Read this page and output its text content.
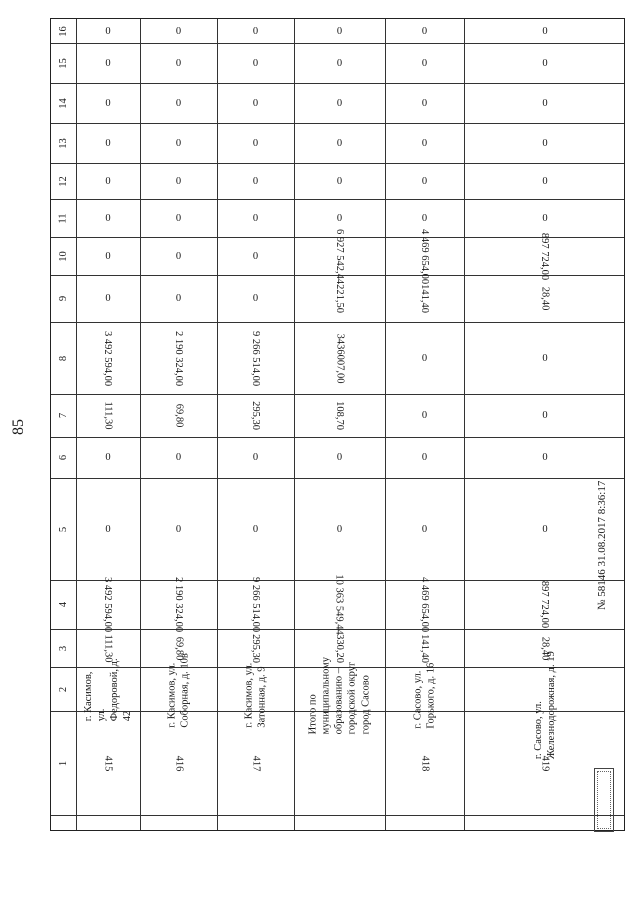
85
16
15
14
13
12
11
10
9
8
7
6
5
4
3
2
1
0
0
0
0
0
0
0
0
3 492 594,00
111,30
0
0
3 492 594,00
111,30
г. Касимов, ул. Федоровой, д. 42
415
0
0
0
0
0
0
0
0
2 190 324,00
69,80
0
0
2 190 324,00
69,80
г. Касимов, ул. Соборная, д. 10в
416
0
0
0
0
0
0
0
0
9 266 514,00
295,30
0
0
9 266 514,00
295,30
г. Касимов, ул. Затонная, д. 9
417
0
0
0
0
0
0
6 927 542,44
221,50
3436007,00
108,70
0
0
10 363 549,44
330,20
Итого по муниципальному образованию – городской округ город Сасово
0
0
0
0
0
0
4 469 654,00
141,40
0
0
0
0
4 469 654,00
141,40
г. Сасово, ул. Горького, д. 16
418
0
0
0
0
0
0
897 724,00
28,40
0
0
0
0
897 724,00
28,40
г. Сасово, ул. Железнодорожная, д. 19
419
№ 58146 31.08.2017 8:36:17
